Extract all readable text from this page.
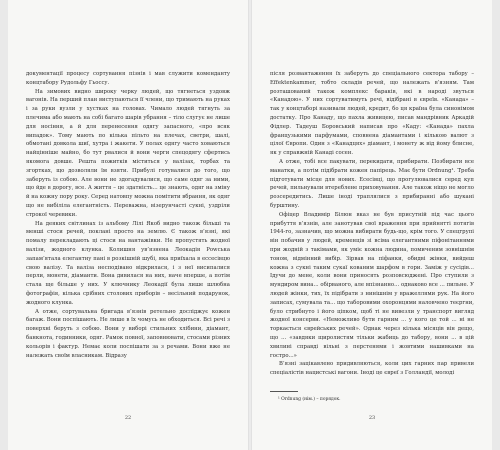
документації процесу сортування пізнів і мав служити комендантy концтабору Рудольфу Гьоссу.

На зимових видно широку черку людей, що тягнеться уздовж вагонів. На перший план виступаються її члени, що тримають на руках і за руки вузли у хустках на головах. Чимало людей тягнуть за плечима або мають на собі багато шарів убрання – тіло слугує не лише для носіння, а й для перенесення одягу запасного, «про всяк випадок». Тому мають по кілька пільто на плечах, светри, шалі, обмотані довкола шиї, хутра і жакети. У полах одягу часто ховаються найцінніше майно, бо тут рвалися й вони черги спецодягу сфертись якомога довше. Решта пожитків міститься у валізах, торбах та згортках, що дозволяли їм взяти. Прибулі готувалися до того, що заберуть із собою. Але вони не здогадувалися, що саме одяг за ними, що йде в дорогу, все. А життя – це здатність... це знають, одяг на зміну й на кожну пору року. Серед натовпу можна помітити вбрання, як одяг що не вибіліла елегантність. Переважна, візерунчасті сукні, уздріли строкої черевики.

На деяких світлинах із альбому Лілі Якоб видно також більші та менші стоси речей, поклані просто на землю. Є також в’язні, які помалу перекладають ці стоси на вантажівки. Не пропустять жодної валізи, жодного клунка. Колишня ув’язнена Леокадія Роwська запам’ятала елегантну пані в розкішній шубі, яка приїхала в ессесівцю свою валізу. Та валіза несподівано відкрилася, і з неї висипалися перли, монети, діаманти. Вона дивилася на них, наче вперше, а потім стала ще більше у них. У ключнику Леокадії була лише шлюбна фотографія, кілька срібних столових приборів – весільний подарунок, жодного клунка.

А отже, сортувальна бригада в’язнів ретельно досліджує кожен багаж. Вони поспішають. Не лише в їх чомусь не обходиться. Всі речі з поверхні беруть з собою. Вони у виборі стильних хлібини, діамант, банкнота, годинники, одяг. Рамок повної, заповнювати, стосами різних кольорів і фактур. Немає коли поспішати за з речами. Вони вже не належать своїм власникам. Відразу

22

після розвантаження їх заберуть до спеціального сектора табору – Effektenkammer, тобто складів речей, що належать в’язням. Там розташований також комплекс бараків, які в народі звуться «Канадою». У них сортуватимуть речі, відібрані в євреїв. «Канада» – так у концтаборі називали людей, кредит, бо ця країна була синонімом достатку. Про Канаду, що пахла живицею, писав мандрівник Аркадій Фідлер. Тадеуш Боровський написав про «Каду: «Канада» пахла французькими парфумами, сповнена діамантами і кількою валют з цілої Європи. Один з «Канадцях» діамант, і монету ж від йому блисне, як у справжній Канаді сосен.

А отже, тобі все пакувати, перекидати, прибирати. Позбирати все манатки, а потім підібрати кожен папірець. Має бути Ordnung¹. Треба підготувати місце для нових. Есесівці, що прогулювалися серед куп речей, пильнували втереблене приховування. Але також ніщо не могло розсередитись. Лише іноді траплялися з прибиранні або шукані бурштину.

Офіцер Владимір Білюн вказ не був присутній під час цього прибуття в’язнів, але занотував свої враження при прийнятті потягів 1944-го, зазначив, що можна вибирати будь-що, крім того. У спецгрупі він побачив у людей, кременців зі всіма елегантними піфонітаннями при жодній з такімами, як уміє кожна людина, помиченим зовнішнім тоном, відмінний вибір. Зірвав на піфанки, обидві жінки, вийдеш кожна з сукні таким сукаї кованим шарфом в гори. Заміж у сусідів... Ідучи до мене, коли вони приносять розповсюджені. Про ступили з мундиром вина... обірваного, але впізнанно... однаково все ... пильне. У людей жінки, тих, їх підібрати з нинішнім у вражеллями рук. На його записах, сумувала та... що таборовими охоронцями наловчено теєргни, було стрибнуто і його ціпком, щоб ті не вивезли у транспорт вигляд жодної консерви. «Неможливо бути гарним ... у кого це той ... ні не торкається єврейських речей». Однак через кілька місяців він дещо, що ... «завдяки щиролистям тільки жабиць до табору, вони ... в цій хвилині справді вільні з перстенями і жовтими нашивками на гостро...»

В’язні зацікавлено придивляються, коли цих гарних пар привели спеціалістів нацистські вагони. Іноді це євреї з Голландії, молоді

¹ Ordnung (нім.) – порядок.

23
